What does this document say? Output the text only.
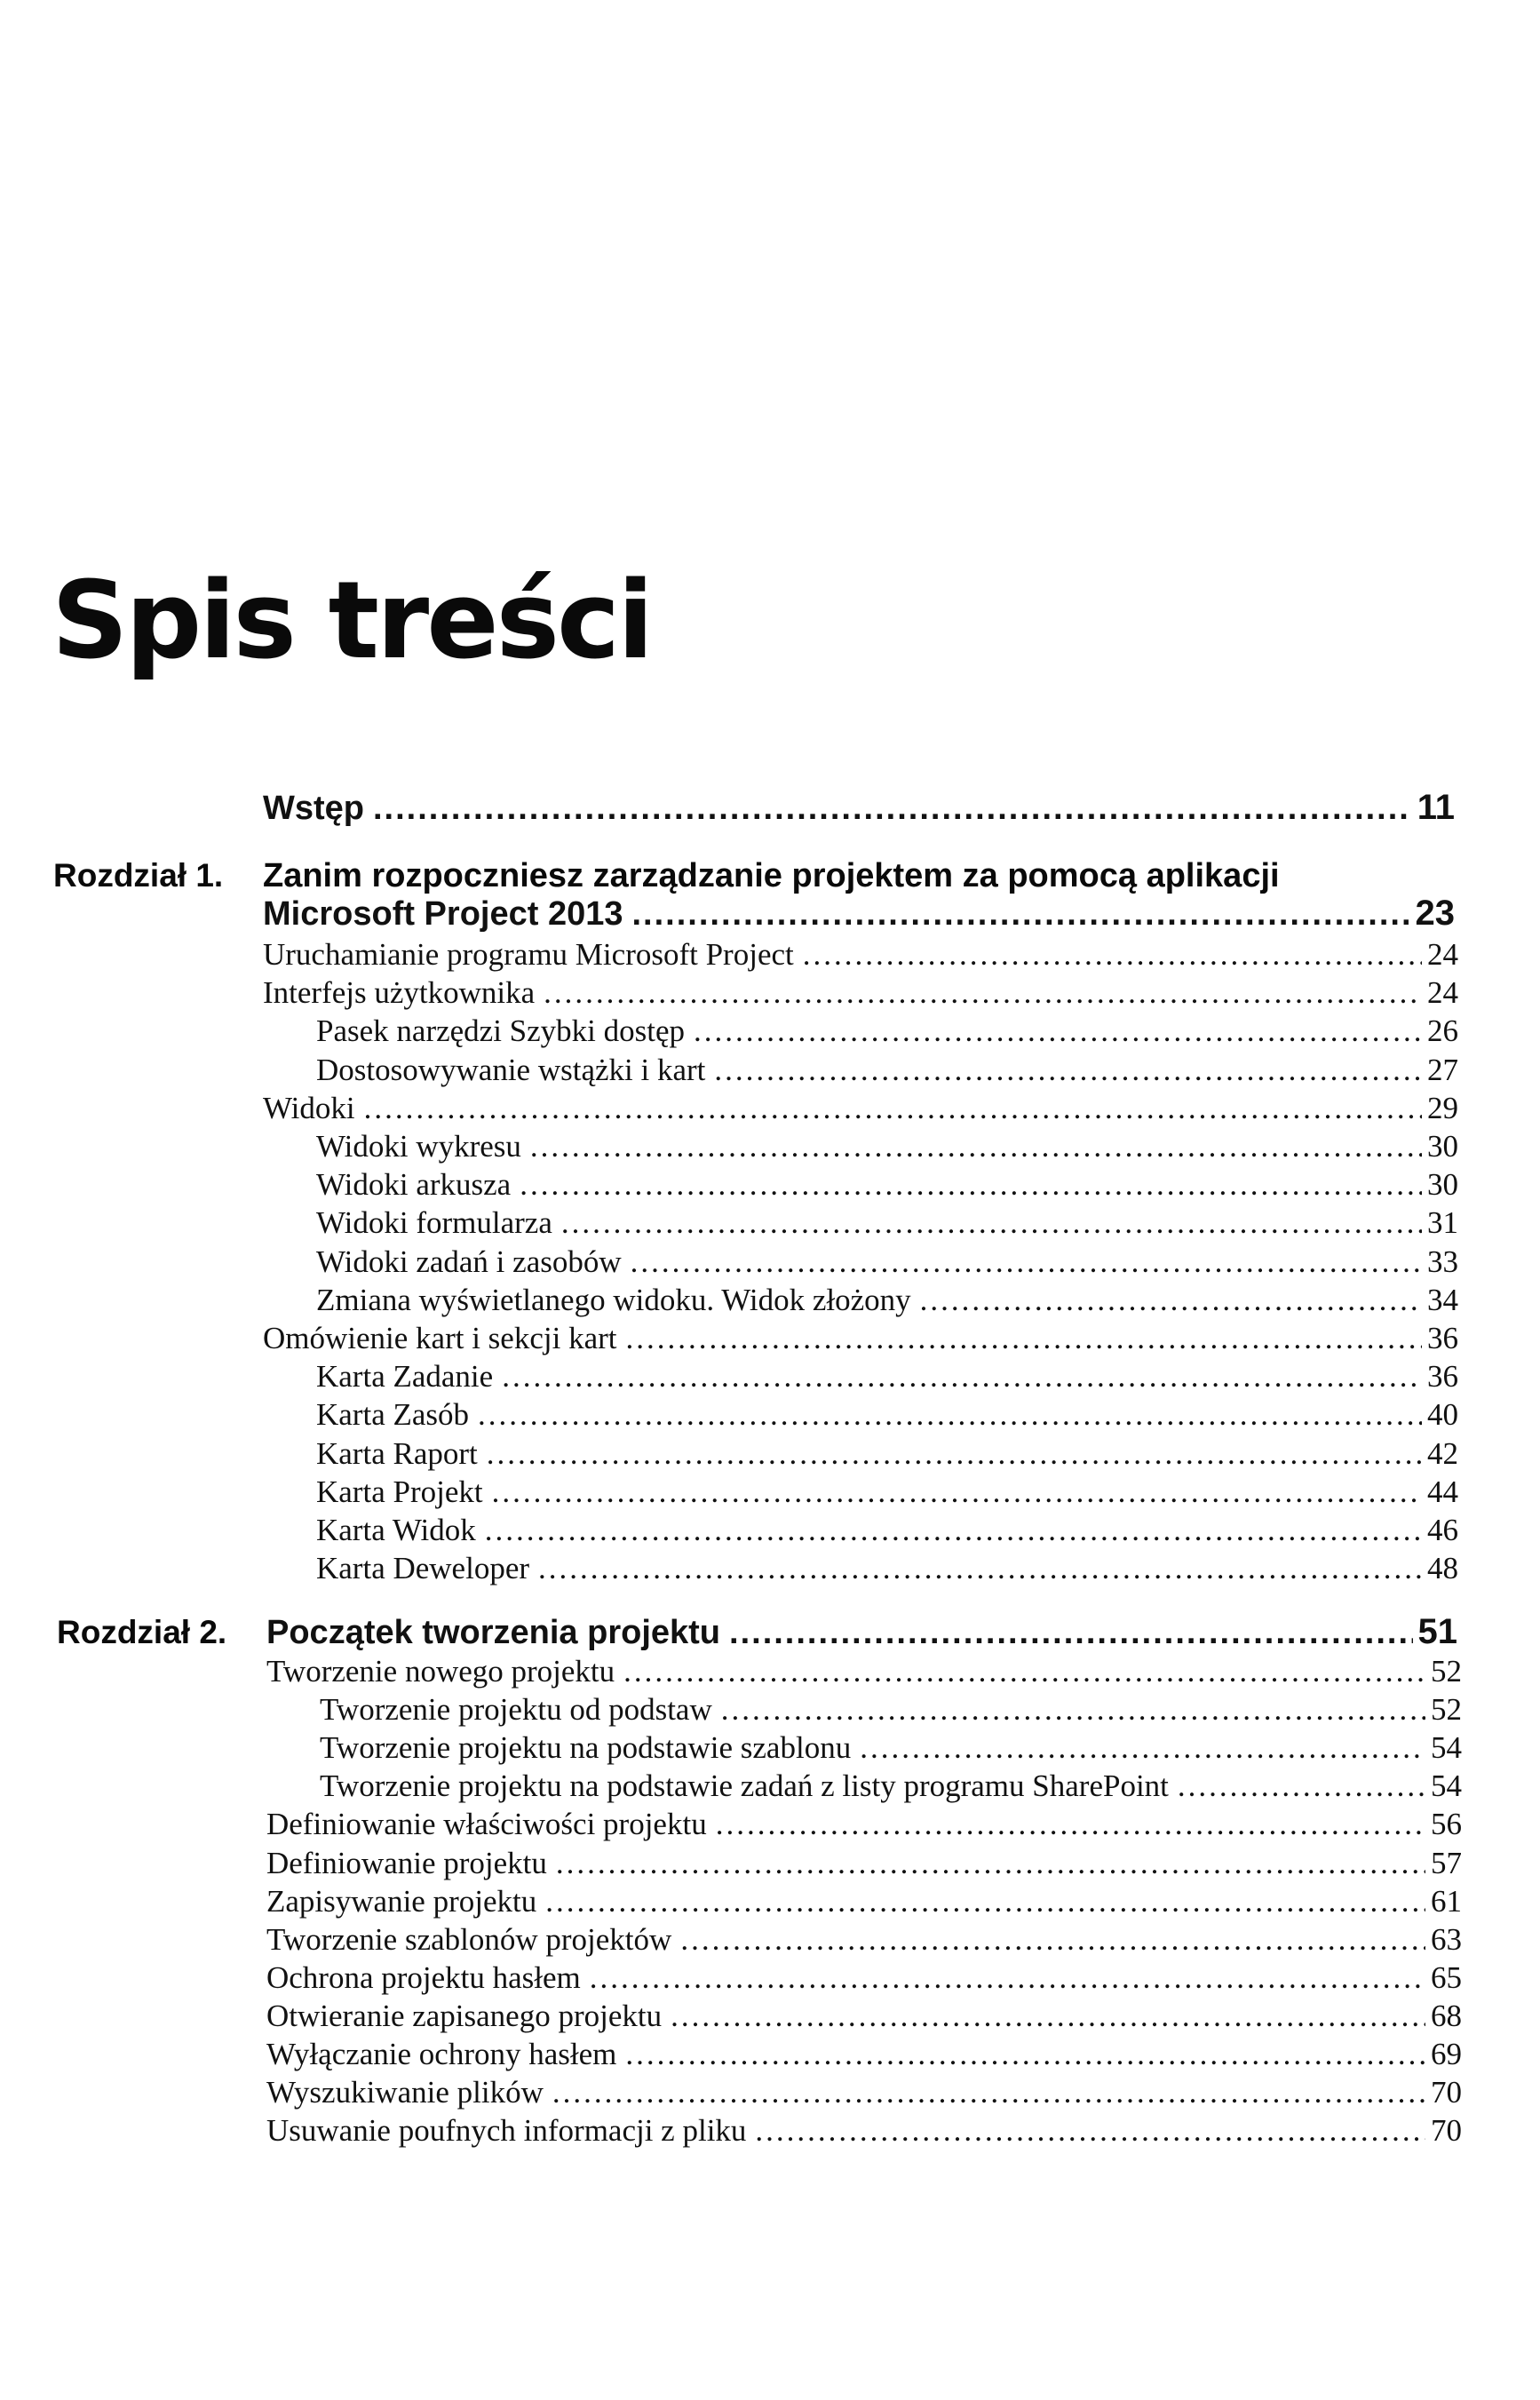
Spis treści
Wstęp .....	11
Rozdział 1. Zanim rozpoczniesz zarządzanie projektem za pomocą aplikacji
Microsoft Project 2013 .....	23
Uruchamianie programu Microsoft Project .....	24
Interfejs użytkownika .....	24
Pasek narzędzi Szybki dostęp .....	26
Dostosowywanie wstążki i kart .....	27
Widoki .....	29
Widoki wykresu .....	30
Widoki arkusza .....	30
Widoki formularza .....	31
Widoki zadań i zasobów .....	33
Zmiana wyświetlanego widoku. Widok złożony .....	34
Omówienie kart i sekcji kart .....	36
Karta Zadanie .....	36
Karta Zasób .....	40
Karta Raport .....	42
Karta Projekt .....	44
Karta Widok .....	46
Karta Deweloper .....	48
Rozdział 2. Początek tworzenia projektu .....	51
Tworzenie nowego projektu .....	52
Tworzenie projektu od podstaw .....	52
Tworzenie projektu na podstawie szablonu .....	54
Tworzenie projektu na podstawie zadań z listy programu SharePoint .....	54
Definiowanie właściwości projektu .....	56
Definiowanie projektu .....	57
Zapisywanie projektu .....	61
Tworzenie szablonów projektów .....	63
Ochrona projektu hasłem .....	65
Otwieranie zapisanego projektu .....	68
Wyłączanie ochrony hasłem .....	69
Wyszukiwanie plików .....	70
Usuwanie poufnych informacji z pliku .....	70
